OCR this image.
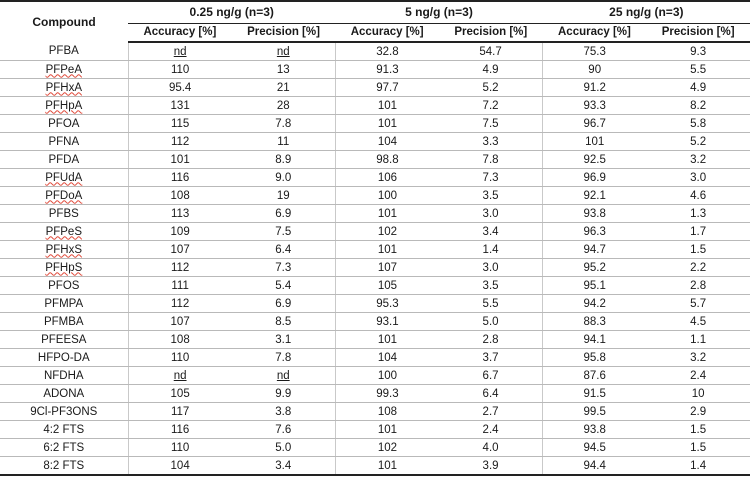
Compound	0.25 ng/g (n=3)		5 ng/g (n=3)		25 ng/g (n=3)	
	Accuracy [%]	Precision [%]	Accuracy [%]	Precision [%]	Accuracy [%]	Precision [%]
PFBA	nd	nd	32.8	54.7	75.3	9.3
PFPeA	110	13	91.3	4.9	90	5.5
PFHxA	95.4	21	97.7	5.2	91.2	4.9
PFHpA	131	28	101	7.2	93.3	8.2
PFOA	115	7.8	101	7.5	96.7	5.8
PFNA	112	11	104	3.3	101	5.2
PFDA	101	8.9	98.8	7.8	92.5	3.2
PFUdA	116	9.0	106	7.3	96.9	3.0
PFDoA	108	19	100	3.5	92.1	4.6
PFBS	113	6.9	101	3.0	93.8	1.3
PFPeS	109	7.5	102	3.4	96.3	1.7
PFHxS	107	6.4	101	1.4	94.7	1.5
PFHpS	112	7.3	107	3.0	95.2	2.2
PFOS	111	5.4	105	3.5	95.1	2.8
PFMPA	112	6.9	95.3	5.5	94.2	5.7
PFMBA	107	8.5	93.1	5.0	88.3	4.5
PFEESA	108	3.1	101	2.8	94.1	1.1
HFPO-DA	110	7.8	104	3.7	95.8	3.2
NFDHA	nd	nd	100	6.7	87.6	2.4
ADONA	105	9.9	99.3	6.4	91.5	10
9Cl-PF3ONS	117	3.8	108	2.7	99.5	2.9
4:2 FTS	116	7.6	101	2.4	93.8	1.5
6:2 FTS	110	5.0	102	4.0	94.5	1.5
8:2 FTS	104	3.4	101	3.9	94.4	1.4
